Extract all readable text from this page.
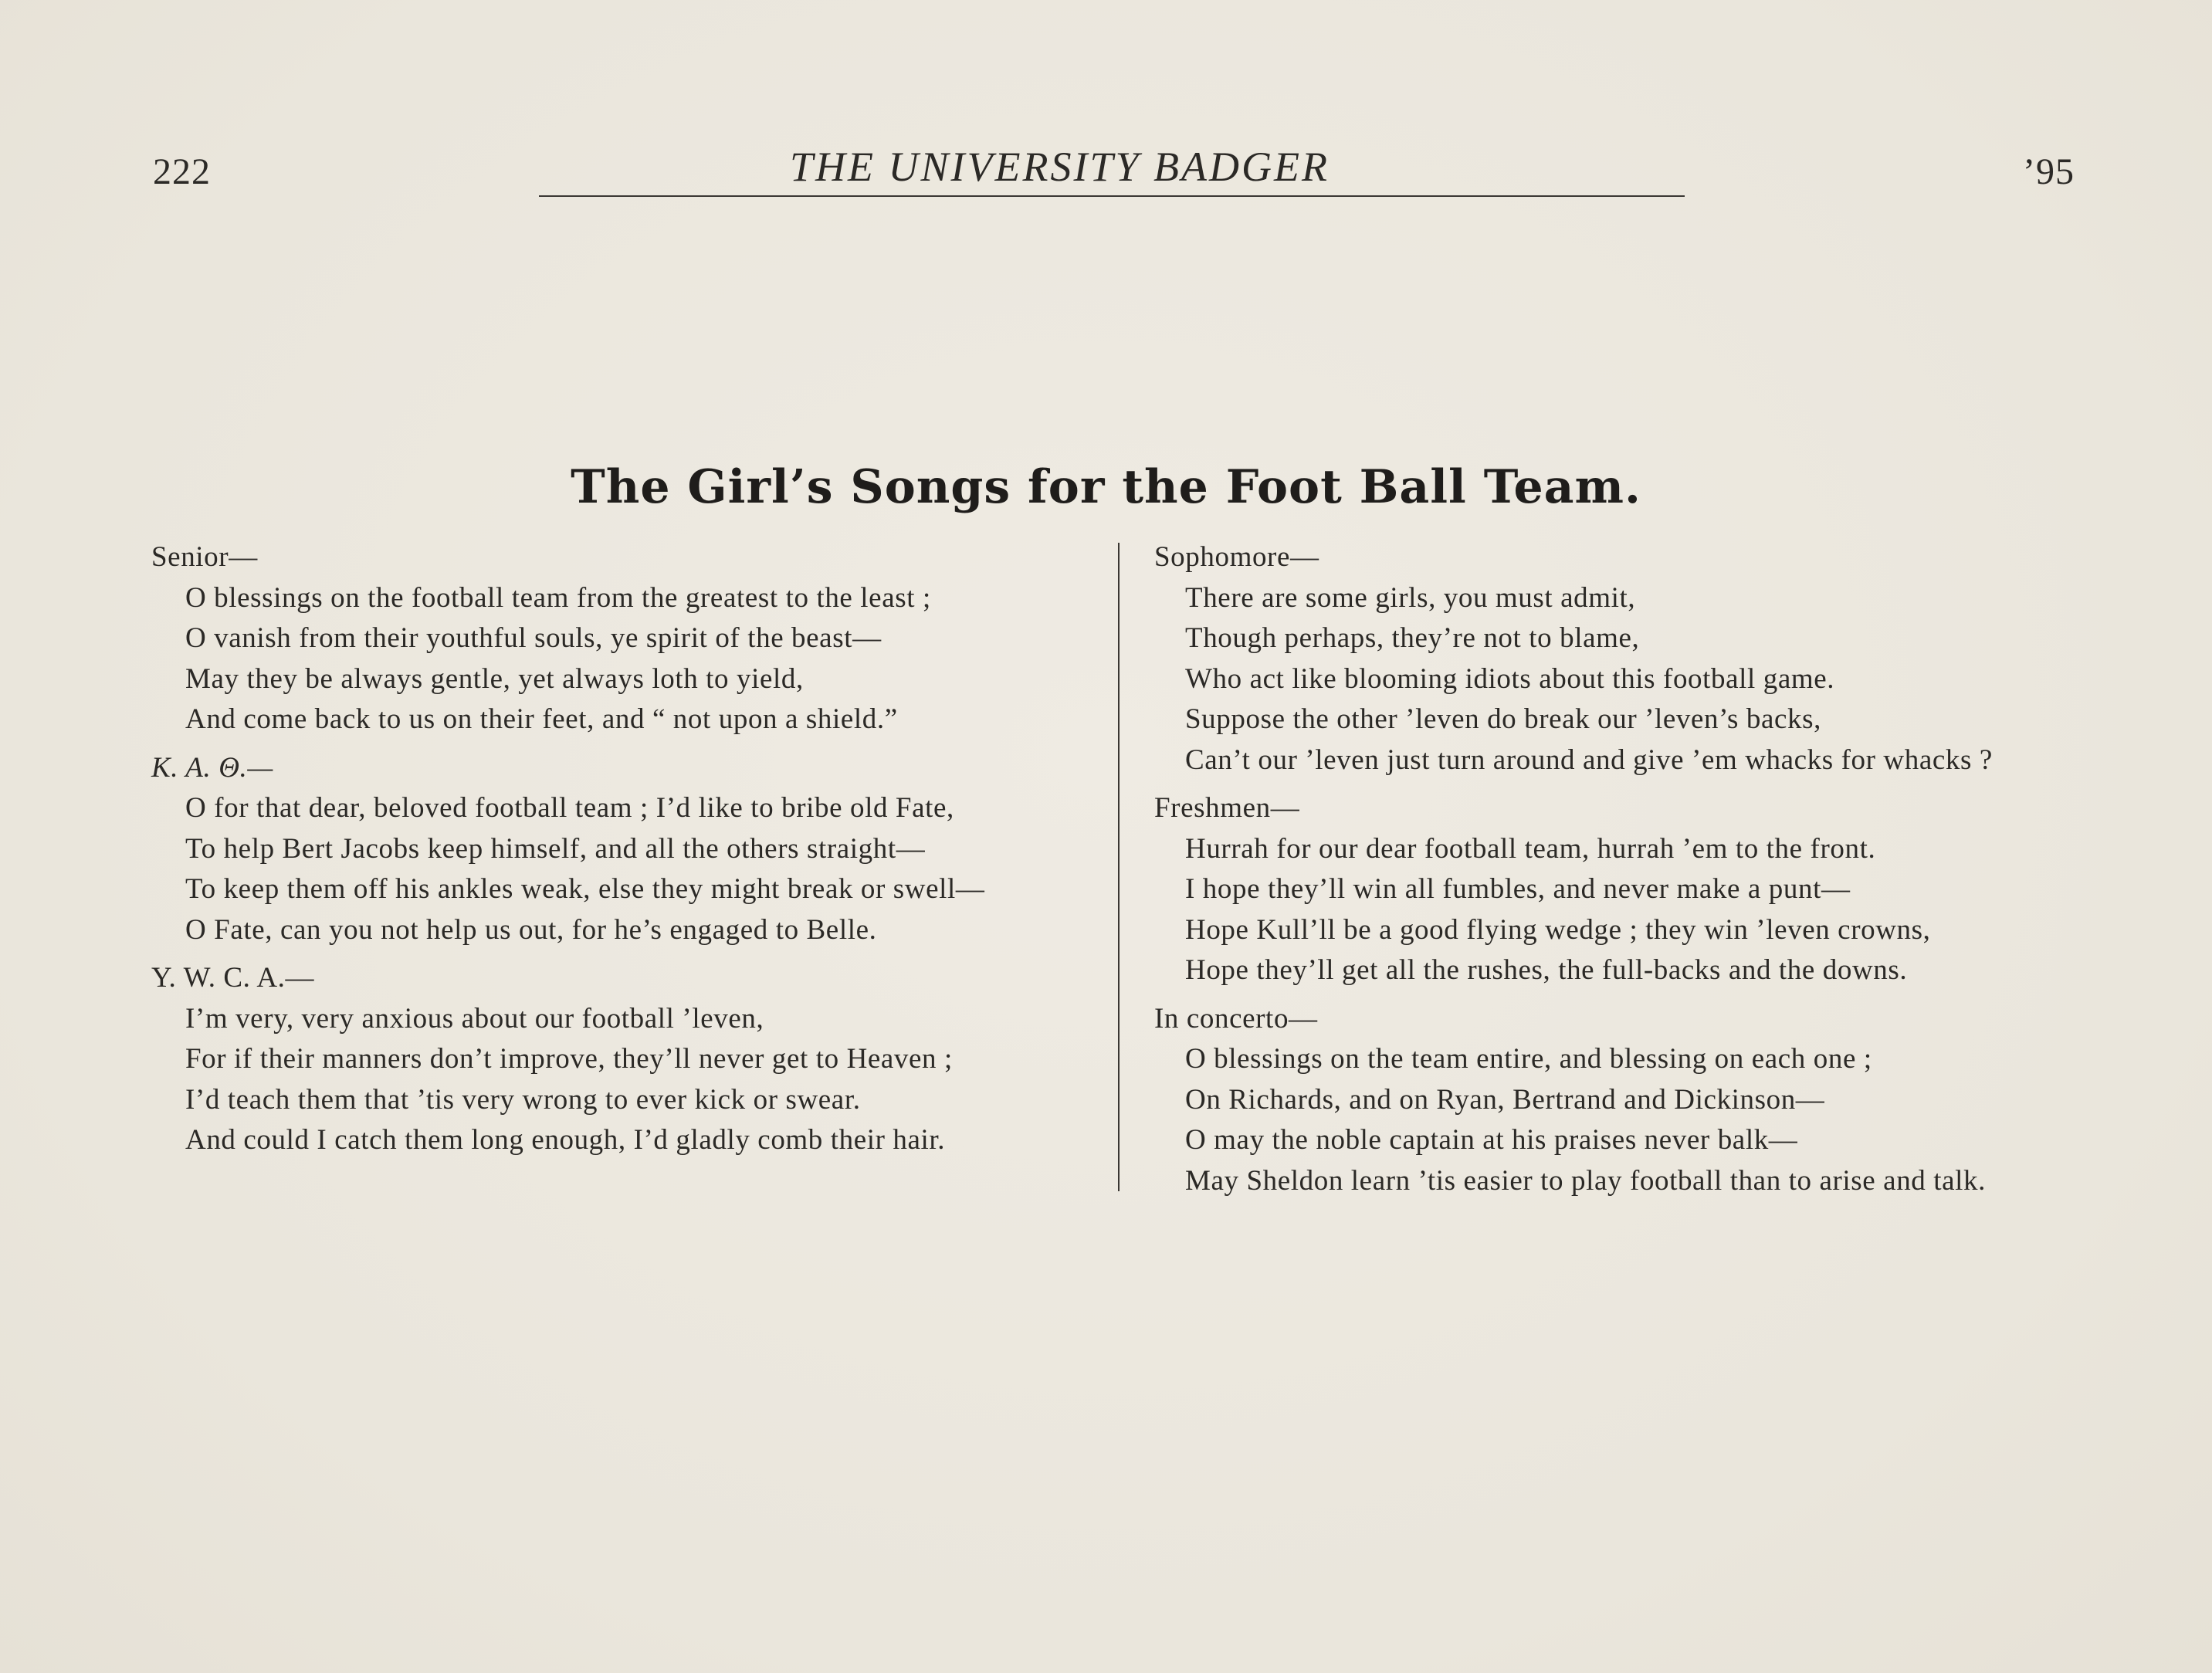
222	THE UNIVERSITY BADGER	’95
The Girl’s Songs for the Foot Ball Team.

Senior—

O blessings on the football team from the greatest to the least ;
O vanish from their youthful souls, ye spirit of the beast—
May they be always gentle, yet always loth to yield,
And come back to us on their feet, and “ not upon a shield.”

K. A. Θ.—

O for that dear, beloved football team ; I’d like to bribe old Fate,
To help Bert Jacobs keep himself, and all the others straight—
To keep them off his ankles weak, else they might break or swell—
O Fate, can you not help us out, for he’s engaged to Belle.

Y. W. C. A.—

I’m very, very anxious about our football ’leven,
For if their manners don’t improve, they’ll never get to Heaven ;
I’d teach them that ’tis very wrong to ever kick or swear.
And could I catch them long enough, I’d gladly comb their hair.

Sophomore—

There are some girls, you must admit,
Though perhaps, they’re not to blame,
Who act like blooming idiots about this football game.
Suppose the other ’leven do break our ’leven’s backs,
Can’t our ’leven just turn around and give ’em whacks for whacks ?

Freshmen—

Hurrah for our dear football team, hurrah ’em to the front.
I hope they’ll win all fumbles, and never make a punt—
Hope Kull’ll be a good flying wedge ; they win ’leven crowns,
Hope they’ll get all the rushes, the full-backs and the downs.

In concerto—

O blessings on the team entire, and blessing on each one ;
On Richards, and on Ryan, Bertrand and Dickinson—
O may the noble captain at his praises never balk—
May Sheldon learn ’tis easier to play football than to arise and talk.
